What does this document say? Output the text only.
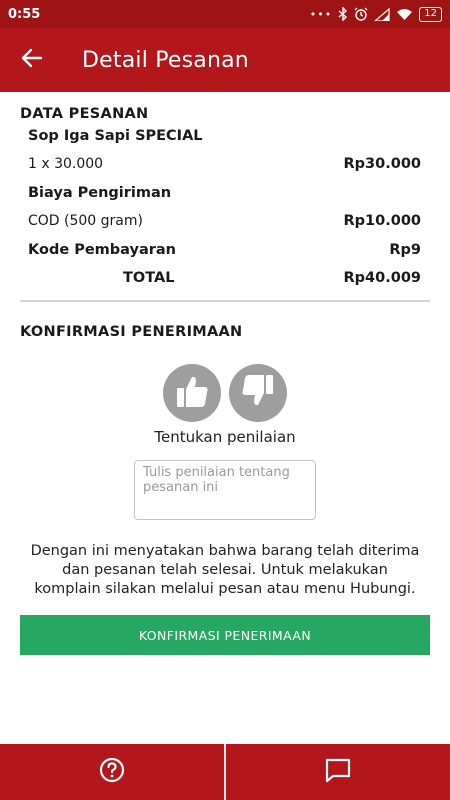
0:55	•••	12
Detail Pesanan
DATA PESANAN
Sop Iga Sapi SPECIAL
1 x 30.000	Rp30.000
Biaya Pengiriman
COD (500 gram)	Rp10.000
Kode Pembayaran	Rp9
TOTAL	Rp40.009
KONFIRMASI PENERIMAAN
Tentukan penilaian
Tulis penilaian tentang pesanan ini
Dengan ini menyatakan bahwa barang telah diterima dan pesanan telah selesai. Untuk melakukan komplain silakan melalui pesan atau menu Hubungi.
KONFIRMASI PENERIMAAN
